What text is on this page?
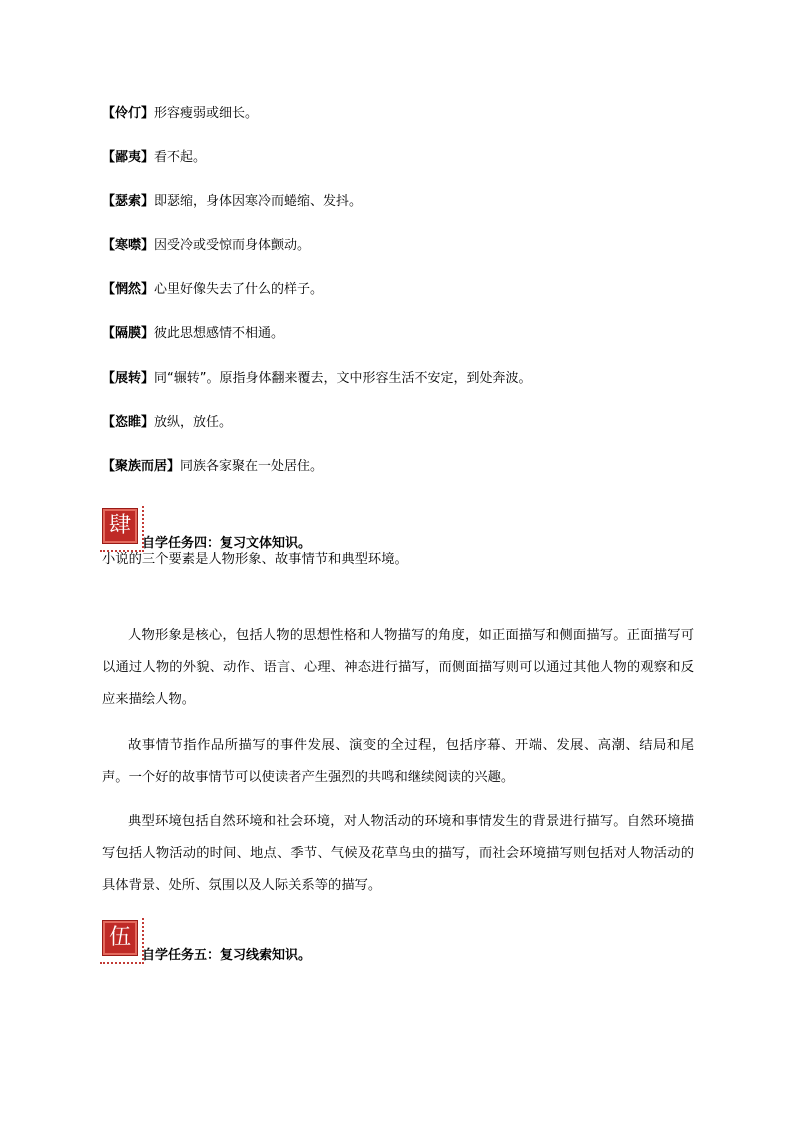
【伶仃】形容瘦弱或细长。
【鄙夷】看不起。
【瑟索】即瑟缩，身体因寒冷而蜷缩、发抖。
【寒噤】因受冷或受惊而身体颤动。
【惘然】心里好像失去了什么的样子。
【隔膜】彼此思想感情不相通。
【展转】同“辗转”。原指身体翻来覆去，文中形容生活不安定，到处奔波。
【恣睢】放纵，放任。
【聚族而居】同族各家聚在一处居住。
肆
自学任务四：复习文体知识。
小说的三个要素是人物形象、故事情节和典型环境。
人物形象是核心，包括人物的思想性格和人物描写的角度，如正面描写和侧面描写。正面描写可以通过人物的外貌、动作、语言、心理、神态进行描写，而侧面描写则可以通过其他人物的观察和反应来描绘人物。
故事情节指作品所描写的事件发展、演变的全过程，包括序幕、开端、发展、高潮、结局和尾声。一个好的故事情节可以使读者产生强烈的共鸣和继续阅读的兴趣。
典型环境包括自然环境和社会环境，对人物活动的环境和事情发生的背景进行描写。自然环境描写包括人物活动的时间、地点、季节、气候及花草鸟虫的描写，而社会环境描写则包括对人物活动的具体背景、处所、氛围以及人际关系等的描写。
伍
自学任务五：复习线索知识。
